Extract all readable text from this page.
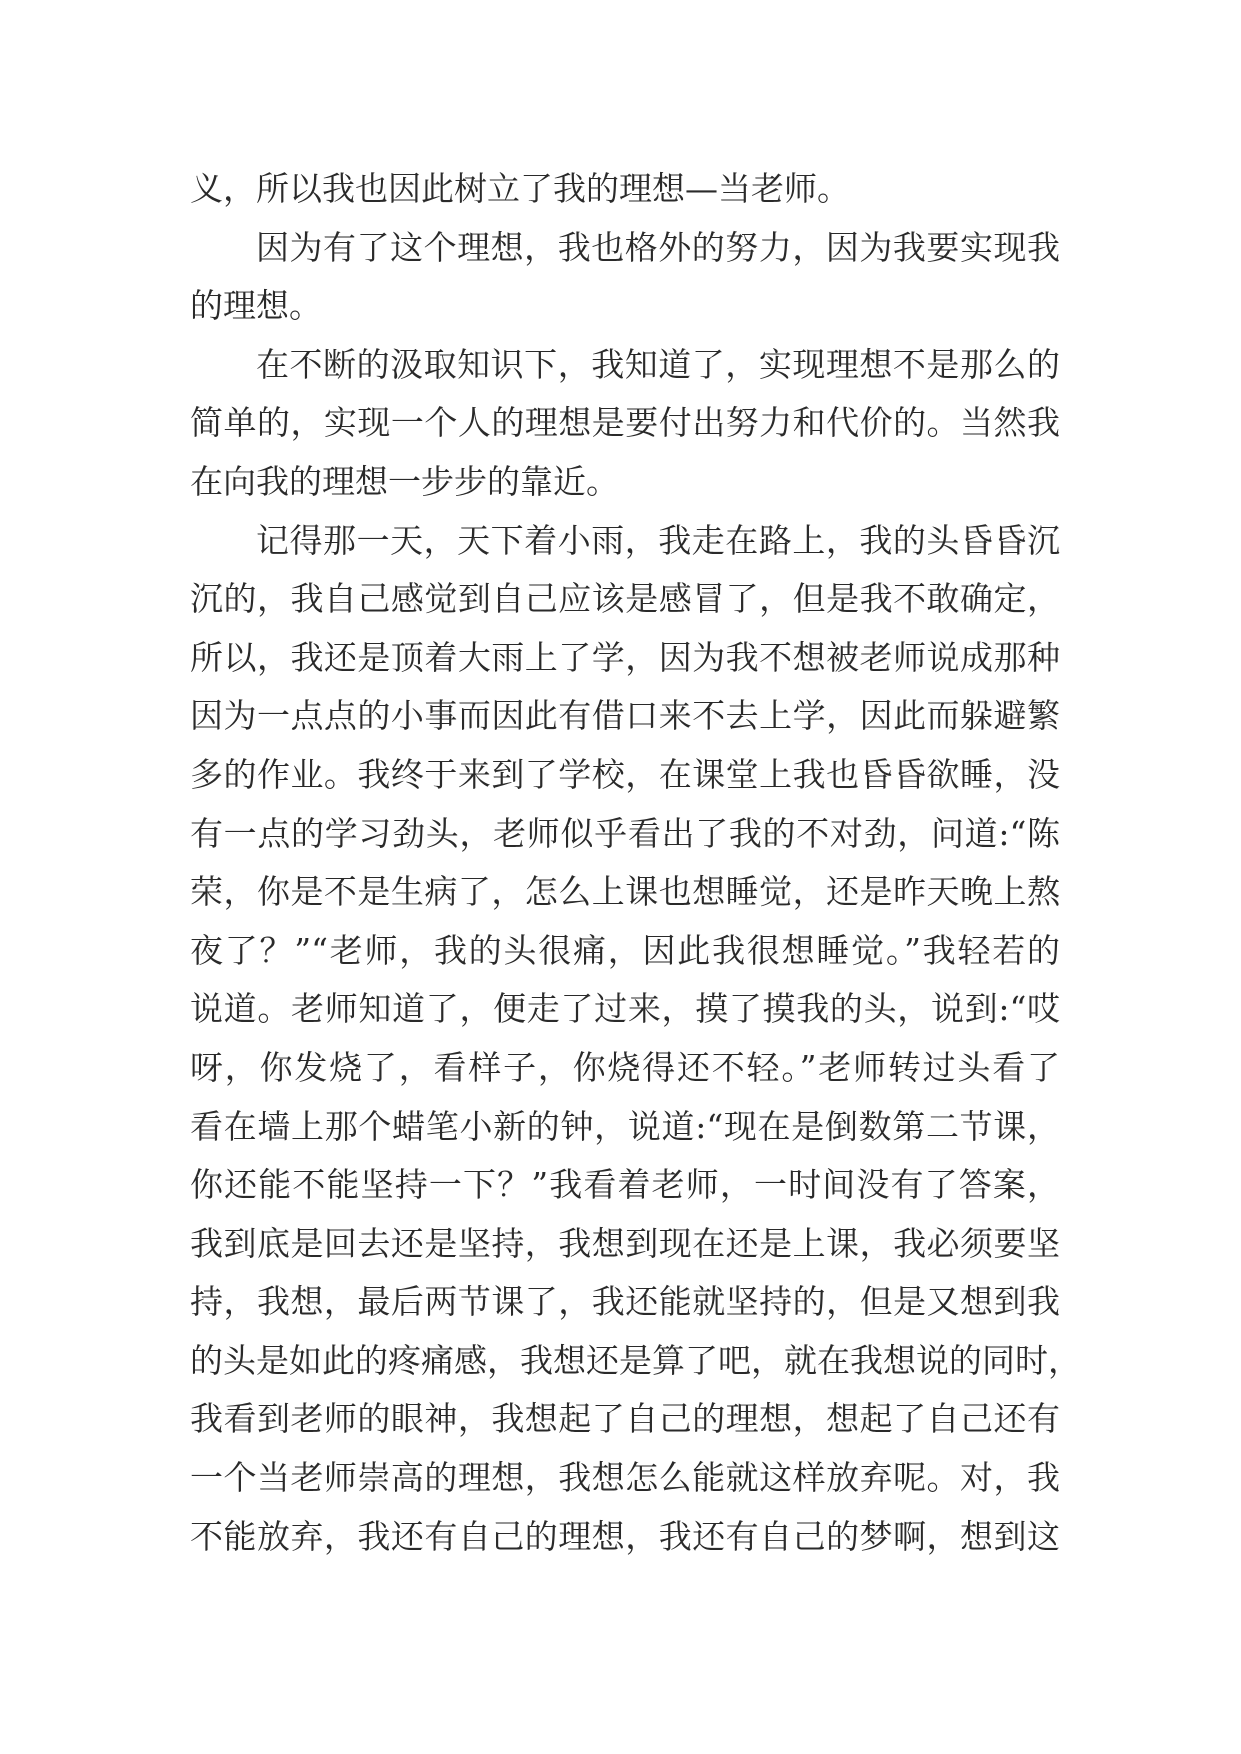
义，所以我也因此树立了我的理想—当老师。
因为有了这个理想，我也格外的努力，因为我要实现我
的理想。
在不断的汲取知识下，我知道了，实现理想不是那么的
简单的，实现一个人的理想是要付出努力和代价的。当然我
在向我的理想一步步的靠近。
记得那一天，天下着小雨，我走在路上，我的头昏昏沉
沉的，我自己感觉到自己应该是感冒了，但是我不敢确定，
所以，我还是顶着大雨上了学，因为我不想被老师说成那种
因为一点点的小事而因此有借口来不去上学，因此而躲避繁
多的作业。我终于来到了学校，在课堂上我也昏昏欲睡，没
有一点的学习劲头，老师似乎看出了我的不对劲，问道:“陈
荣，你是不是生病了，怎么上课也想睡觉，还是昨天晚上熬
夜了？”“老师，我的头很痛，因此我很想睡觉。”我轻若的
说道。老师知道了，便走了过来，摸了摸我的头，说到:“哎
呀，你发烧了，看样子，你烧得还不轻。”老师转过头看了
看在墙上那个蜡笔小新的钟，说道:“现在是倒数第二节课，
你还能不能坚持一下？”我看着老师，一时间没有了答案，
我到底是回去还是坚持，我想到现在还是上课，我必须要坚
持，我想，最后两节课了，我还能就坚持的，但是又想到我
的头是如此的疼痛感，我想还是算了吧，就在我想说的同时，
我看到老师的眼神，我想起了自己的理想，想起了自己还有
一个当老师崇高的理想，我想怎么能就这样放弃呢。对，我
不能放弃，我还有自己的理想，我还有自己的梦啊，想到这
